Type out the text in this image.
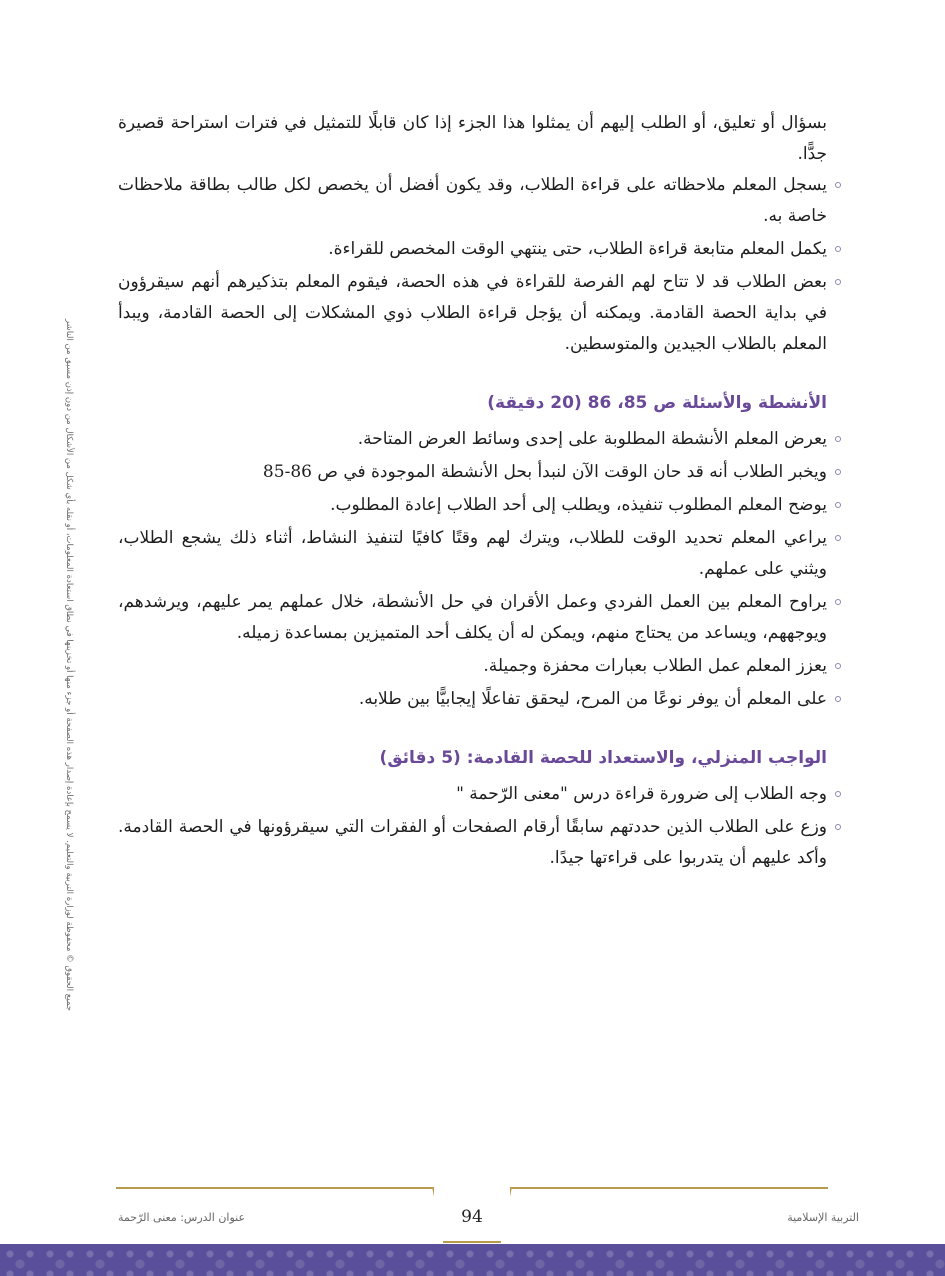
جميع الحقوق © محفوظة لوزارة التربية والتعليم. لا يسمح بإعادة إصدار هذه الصفحة أو جزء منها أو تخزينها في نطاق استعادة المعلومات، أو نقله بأي شكل من الأشكال من دون إذن مسبق من الناشر

بسؤال أو تعليق، أو الطلب إليهم أن يمثلوا هذا الجزء إذا كان قابلًا للتمثيل في فترات استراحة قصيرة جدًّا.

يسجل المعلم ملاحظاته على قراءة الطلاب، وقد يكون أفضل أن يخصص لكل طالب بطاقة ملاحظات خاصة به.
يكمل المعلم متابعة قراءة الطلاب، حتى ينتهي الوقت المخصص للقراءة.
بعض الطلاب قد لا تتاح لهم الفرصة للقراءة في هذه الحصة، فيقوم المعلم بتذكيرهم أنهم سيقرؤون في بداية الحصة القادمة. ويمكنه أن يؤجل قراءة الطلاب ذوي المشكلات إلى الحصة القادمة، ويبدأ المعلم بالطلاب الجيدين والمتوسطين.
الأنشطة والأسئلة ص 85، 86 (20 دقيقة)
يعرض المعلم الأنشطة المطلوبة على إحدى وسائط العرض المتاحة.
ويخبر الطلاب أنه قد حان الوقت الآن لنبدأ بحل الأنشطة الموجودة في ص 86-85
يوضح المعلم المطلوب تنفيذه، ويطلب إلى أحد الطلاب إعادة المطلوب.
يراعي المعلم تحديد الوقت للطلاب، ويترك لهم وقتًا كافيًا لتنفيذ النشاط، أثناء ذلك يشجع الطلاب، ويثني على عملهم.
يراوح المعلم بين العمل الفردي وعمل الأقران في حل الأنشطة، خلال عملهم يمر عليهم، ويرشدهم، ويوجههم، ويساعد من يحتاج منهم، ويمكن له أن يكلف أحد المتميزين بمساعدة زميله.
يعزز المعلم عمل الطلاب بعبارات محفزة وجميلة.
على المعلم أن يوفر نوعًا من المرح، ليحقق تفاعلًا إيجابيًّا بين طلابه.
الواجب المنزلي، والاستعداد للحصة القادمة: (5 دقائق)
وجه الطلاب إلى ضرورة قراءة درس "معنى الرّحمة "
وزع على الطلاب الذين حددتهم سابقًا أرقام الصفحات أو الفقرات التي سيقرؤونها في الحصة القادمة. وأكد عليهم أن يتدربوا على قراءتها جيدًا.
94
عنوان الدرس: معنى الرّحمة	التربية الإسلامية
